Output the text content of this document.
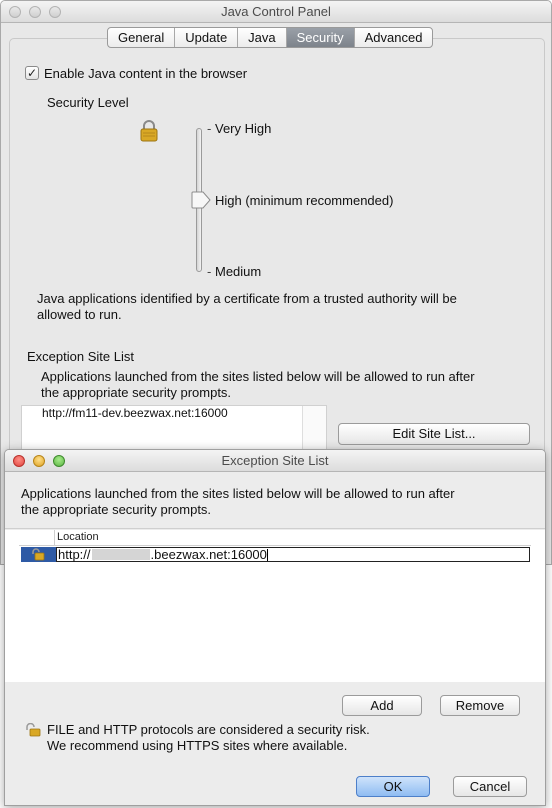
Java Control Panel
General	Update	Java	Security	Advanced
✓ Enable Java content in the browser
Security Level
- Very High
High (minimum recommended)
- Medium
Java applications identified by a certificate from a trusted authority will be
allowed to run.
Exception Site List
Applications launched from the sites listed below will be allowed to run after
the appropriate security prompts.
http://fm11-dev.beezwax.net:16000
Edit Site List...
Exception Site List
Applications launched from the sites listed below will be allowed to run after
the appropriate security prompts.
Location
http://	.beezwax.net:16000
Add	Remove
FILE and HTTP protocols are considered a security risk.
We recommend using HTTPS sites where available.
OK	Cancel
